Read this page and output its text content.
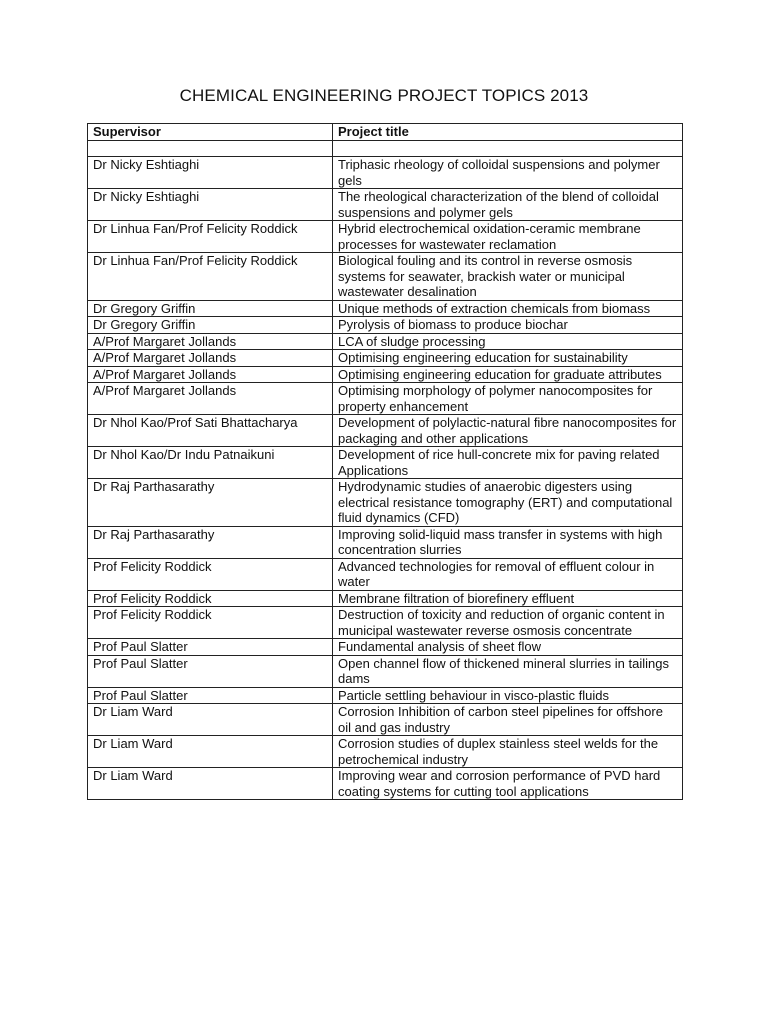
CHEMICAL ENGINEERING PROJECT TOPICS 2013
Supervisor	Project title

Dr Nicky Eshtiaghi	Triphasic rheology of colloidal suspensions and polymer gels
Dr Nicky Eshtiaghi	The rheological characterization of the blend of colloidal suspensions and polymer gels
Dr Linhua Fan/Prof Felicity Roddick	Hybrid electrochemical oxidation-ceramic membrane processes for wastewater reclamation
Dr Linhua Fan/Prof Felicity Roddick	Biological fouling and its control in reverse osmosis systems for seawater, brackish water or municipal wastewater desalination
Dr Gregory Griffin	Unique methods of extraction chemicals from biomass
Dr Gregory Griffin	Pyrolysis of biomass to produce biochar
A/Prof Margaret Jollands	LCA of sludge processing
A/Prof Margaret Jollands	Optimising engineering education for sustainability
A/Prof Margaret Jollands	Optimising engineering education for graduate attributes
A/Prof Margaret Jollands	Optimising morphology of polymer nanocomposites for property enhancement
Dr Nhol Kao/Prof Sati Bhattacharya	Development of polylactic-natural fibre nanocomposites for packaging and other applications
Dr Nhol Kao/Dr Indu Patnaikuni	Development of rice hull-concrete mix for paving related Applications
Dr Raj Parthasarathy	Hydrodynamic studies of anaerobic digesters using electrical resistance tomography (ERT) and computational fluid dynamics (CFD)
Dr Raj Parthasarathy	Improving solid-liquid mass transfer in systems with high concentration slurries
Prof Felicity Roddick	Advanced technologies for removal of effluent colour in water
Prof Felicity Roddick	Membrane filtration of biorefinery effluent
Prof Felicity Roddick	Destruction of toxicity and reduction of organic content in municipal wastewater reverse osmosis concentrate
Prof Paul Slatter	Fundamental analysis of sheet flow
Prof Paul Slatter	Open channel flow of thickened mineral slurries in tailings dams
Prof Paul Slatter	Particle settling behaviour in visco-plastic fluids
Dr Liam Ward	Corrosion Inhibition of carbon steel pipelines for offshore oil and gas industry
Dr Liam Ward	Corrosion studies of duplex stainless steel welds for the petrochemical industry
Dr Liam Ward	Improving wear and corrosion performance of PVD hard coating systems for cutting tool applications
